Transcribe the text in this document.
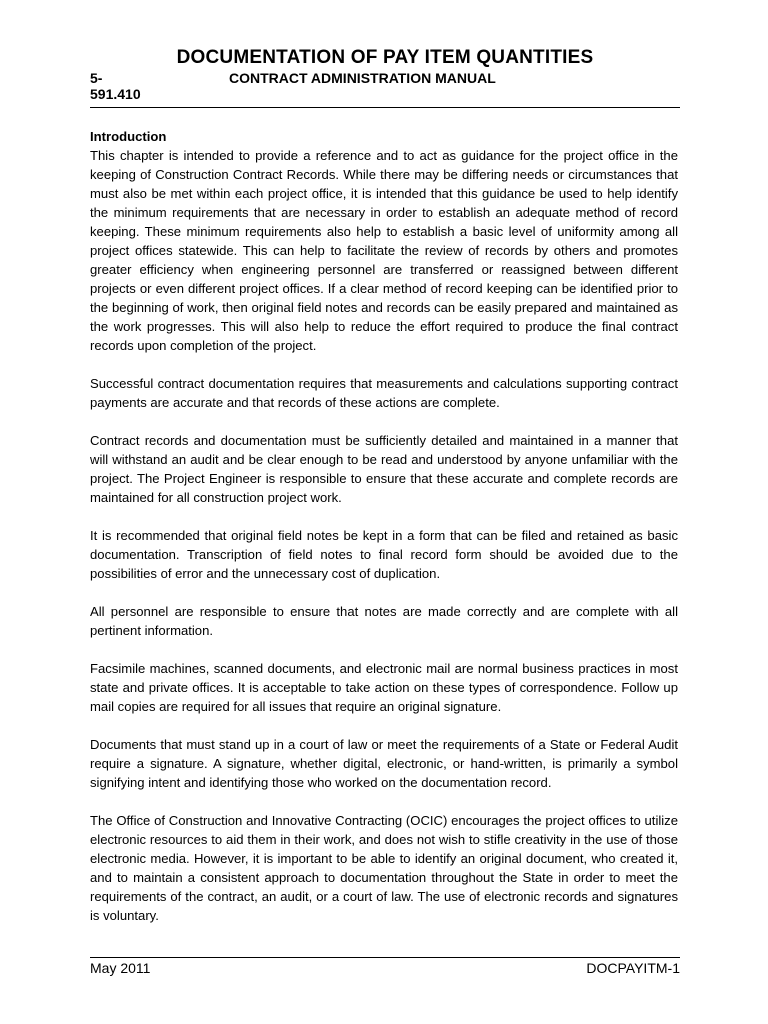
DOCUMENTATION OF PAY ITEM QUANTITIES
5-591.410
CONTRACT ADMINISTRATION MANUAL
Introduction

This chapter is intended to provide a reference and to act as guidance for the project office in the keeping of Construction Contract Records. While there may be differing needs or circumstances that must also be met within each project office, it is intended that this guidance be used to help identify the minimum requirements that are necessary in order to establish an adequate method of record keeping. These minimum requirements also help to establish a basic level of uniformity among all project offices statewide. This can help to facilitate the review of records by others and promotes greater efficiency when engineering personnel are transferred or reassigned between different projects or even different project offices. If a clear method of record keeping can be identified prior to the beginning of work, then original field notes and records can be easily prepared and maintained as the work progresses. This will also help to reduce the effort required to produce the final contract records upon completion of the project.

Successful contract documentation requires that measurements and calculations supporting contract payments are accurate and that records of these actions are complete.

Contract records and documentation must be sufficiently detailed and maintained in a manner that will withstand an audit and be clear enough to be read and understood by anyone unfamiliar with the project. The Project Engineer is responsible to ensure that these accurate and complete records are maintained for all construction project work.

It is recommended that original field notes be kept in a form that can be filed and retained as basic documentation. Transcription of field notes to final record form should be avoided due to the possibilities of error and the unnecessary cost of duplication.

All personnel are responsible to ensure that notes are made correctly and are complete with all pertinent information.

Facsimile machines, scanned documents, and electronic mail are normal business practices in most state and private offices. It is acceptable to take action on these types of correspondence. Follow up mail copies are required for all issues that require an original signature.

Documents that must stand up in a court of law or meet the requirements of a State or Federal Audit require a signature. A signature, whether digital, electronic, or hand-written, is primarily a symbol signifying intent and identifying those who worked on the documentation record.

The Office of Construction and Innovative Contracting (OCIC) encourages the project offices to utilize electronic resources to aid them in their work, and does not wish to stifle creativity in the use of those electronic media. However, it is important to be able to identify an original document, who created it, and to maintain a consistent approach to documentation throughout the State in order to meet the requirements of the contract, an audit, or a court of law. The use of electronic records and signatures is voluntary.

May 2011	DOCPAYITM-1
